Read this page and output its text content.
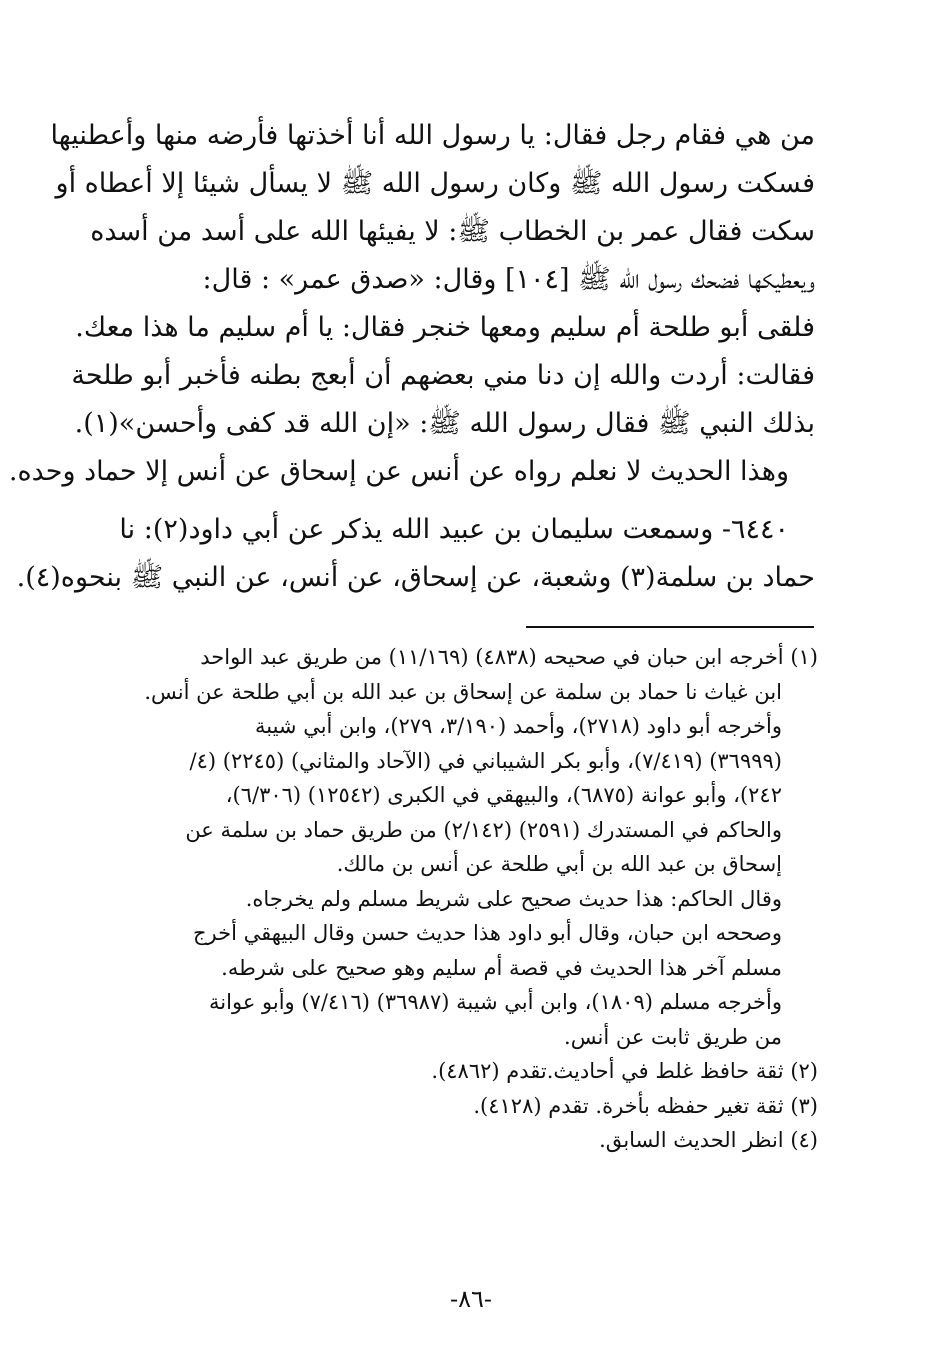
من هي فقام رجل فقال: يا رسول الله أنا أخذتها فأرضه منها وأعطنيها
فسكت رسول الله ﷺ وكان رسول الله ﷺ لا يسأل شيئا إلا أعطاه أو
سكت فقال عمر بن الخطاب ﷺ: لا يفيئها الله على أسد من أسده
ويعطيكها فضحك رسول الله ﷺ [١٠٤] وقال: «صدق عمر» : قال:
فلقى أبو طلحة أم سليم ومعها خنجر فقال: يا أم سليم ما هذا معك.
فقالت: أردت والله إن دنا مني بعضهم أن أبعج بطنه فأخبر أبو طلحة
بذلك النبي ﷺ فقال رسول الله ﷺ: «إن الله قد كفى وأحسن»(١).
وهذا الحديث لا نعلم رواه عن أنس عن إسحاق عن أنس إلا حماد وحده.
٦٤٤٠- وسمعت سليمان بن عبيد الله يذكر عن أبي داود(٢): نا
حماد بن سلمة(٣) وشعبة، عن إسحاق، عن أنس، عن النبي ﷺ بنحوه(٤).
(١) أخرجه ابن حبان في صحيحه (٤٨٣٨) (١١/١٦٩) من طريق عبد الواحد
ابن غياث نا حماد بن سلمة عن إسحاق بن عبد الله بن أبي طلحة عن أنس.
وأخرجه أبو داود (٢٧١٨)، وأحمد (٣/١٩٠، ٢٧٩)، وابن أبي شيبة
(٣٦٩٩٩) (٧/٤١٩)، وأبو بكر الشيباني في (الآحاد والمثاني) (٢٢٤٥) (٤/
٢٤٢)، وأبو عوانة (٦٨٧٥)، والبيهقي في الكبرى (١٢٥٤٢) (٦/٣٠٦)،
والحاكم في المستدرك (٢٥٩١) (٢/١٤٢) من طريق حماد بن سلمة عن
إسحاق بن عبد الله بن أبي طلحة عن أنس بن مالك.
وقال الحاكم: هذا حديث صحيح على شريط مسلم ولم يخرجاه.
وصححه ابن حبان، وقال أبو داود هذا حديث حسن وقال البيهقي أخرج
مسلم آخر هذا الحديث في قصة أم سليم وهو صحيح على شرطه.
وأخرجه مسلم (١٨٠٩)، وابن أبي شيبة (٣٦٩٨٧) (٧/٤١٦) وأبو عوانة
من طريق ثابت عن أنس.
(٢) ثقة حافظ غلط في أحاديث.تقدم (٤٨٦٢).
(٣) ثقة تغير حفظه بأخرة. تقدم (٤١٢٨).
(٤) انظر الحديث السابق.
-٨٦-
